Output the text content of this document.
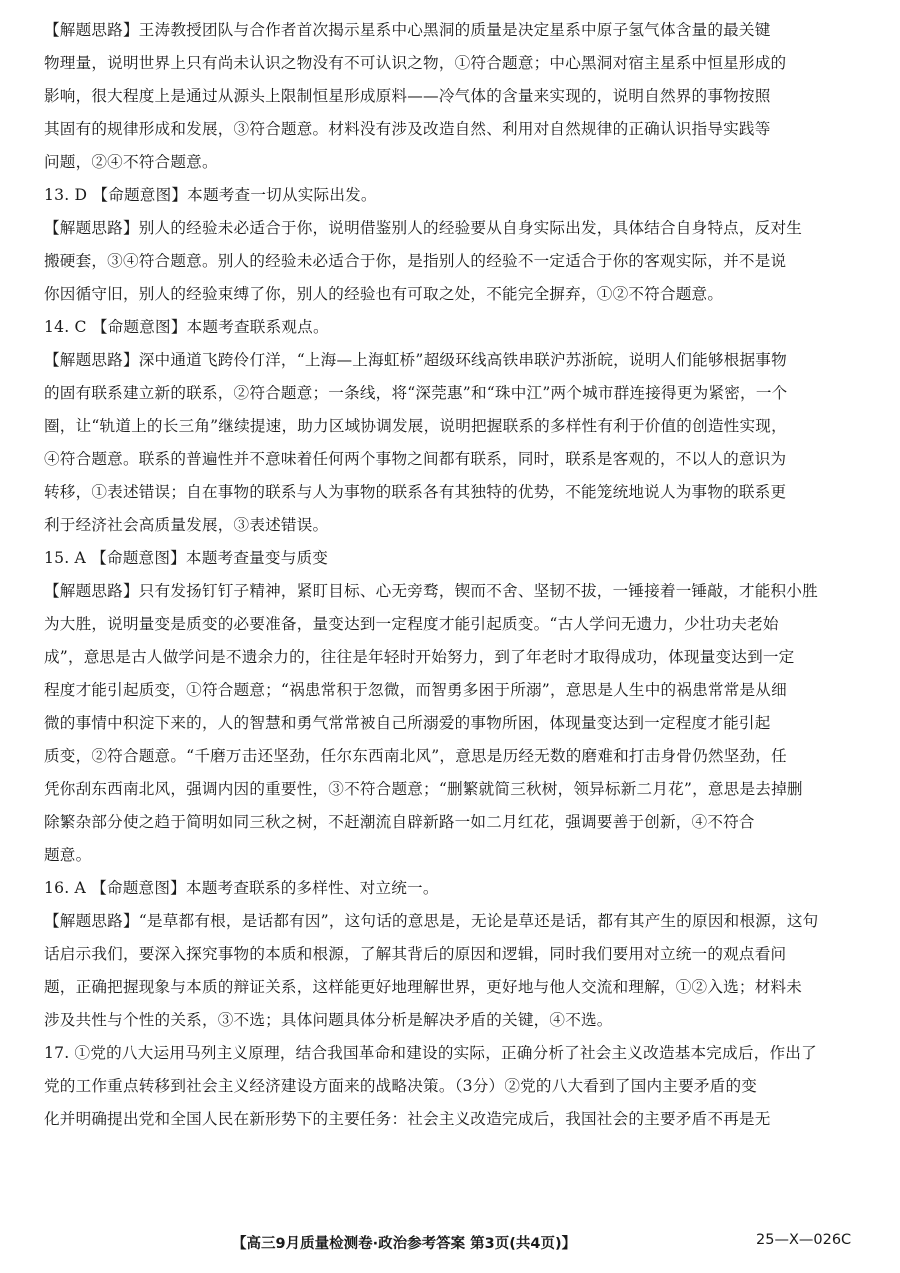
【解题思路】王涛教授团队与合作者首次揭示星系中心黑洞的质量是决定星系中原子氢气体含量的最关键

物理量，说明世界上只有尚未认识之物没有不可认识之物，①符合题意；中心黑洞对宿主星系中恒星形成的

影响，很大程度上是通过从源头上限制恒星形成原料——冷气体的含量来实现的，说明自然界的事物按照

其固有的规律形成和发展，③符合题意。材料没有涉及改造自然、利用对自然规律的正确认识指导实践等

问题，②④不符合题意。

13. D 【命题意图】本题考查一切从实际出发。

【解题思路】别人的经验未必适合于你，说明借鉴别人的经验要从自身实际出发，具体结合自身特点，反对生

搬硬套，③④符合题意。别人的经验未必适合于你，是指别人的经验不一定适合于你的客观实际，并不是说

你因循守旧，别人的经验束缚了你，别人的经验也有可取之处，不能完全摒弃，①②不符合题意。

14. C 【命题意图】本题考查联系观点。

【解题思路】深中通道飞跨伶仃洋，“上海—上海虹桥”超级环线高铁串联沪苏浙皖，说明人们能够根据事物

的固有联系建立新的联系，②符合题意；一条线，将“深莞惠”和“珠中江”两个城市群连接得更为紧密，一个

圈，让“轨道上的长三角”继续提速，助力区域协调发展，说明把握联系的多样性有利于价值的创造性实现，

④符合题意。联系的普遍性并不意味着任何两个事物之间都有联系，同时，联系是客观的，不以人的意识为

转移，①表述错误；自在事物的联系与人为事物的联系各有其独特的优势，不能笼统地说人为事物的联系更

利于经济社会高质量发展，③表述错误。

15. A 【命题意图】本题考查量变与质变

【解题思路】只有发扬钉钉子精神，紧盯目标、心无旁骛，锲而不舍、坚韧不拔，一锤接着一锤敲，才能积小胜

为大胜，说明量变是质变的必要准备，量变达到一定程度才能引起质变。“古人学问无遗力，少壮功夫老始

成”，意思是古人做学问是不遗余力的，往往是年轻时开始努力，到了年老时才取得成功，体现量变达到一定

程度才能引起质变，①符合题意；“祸患常积于忽微，而智勇多困于所溺”，意思是人生中的祸患常常是从细

微的事情中积淀下来的，人的智慧和勇气常常被自己所溺爱的事物所困，体现量变达到一定程度才能引起

质变，②符合题意。“千磨万击还坚劲，任尔东西南北风”，意思是历经无数的磨难和打击身骨仍然坚劲，任

凭你刮东西南北风，强调内因的重要性，③不符合题意；“删繁就简三秋树，领异标新二月花”，意思是去掉删

除繁杂部分使之趋于简明如同三秋之树，不赶潮流自辟新路一如二月红花，强调要善于创新，④不符合

题意。

16. A 【命题意图】本题考查联系的多样性、对立统一。

【解题思路】“是草都有根，是话都有因”，这句话的意思是，无论是草还是话，都有其产生的原因和根源，这句

话启示我们，要深入探究事物的本质和根源，了解其背后的原因和逻辑，同时我们要用对立统一的观点看问

题，正确把握现象与本质的辩证关系，这样能更好地理解世界，更好地与他人交流和理解，①②入选；材料未

涉及共性与个性的关系，③不选；具体问题具体分析是解决矛盾的关键，④不选。

17. ①党的八大运用马列主义原理，结合我国革命和建设的实际，正确分析了社会主义改造基本完成后，作出了

党的工作重点转移到社会主义经济建设方面来的战略决策。（3分）②党的八大看到了国内主要矛盾的变

化并明确提出党和全国人民在新形势下的主要任务：社会主义改造完成后，我国社会的主要矛盾不再是无

【高三9月质量检测卷·政治参考答案 第3页(共4页)】	25—X—026C
